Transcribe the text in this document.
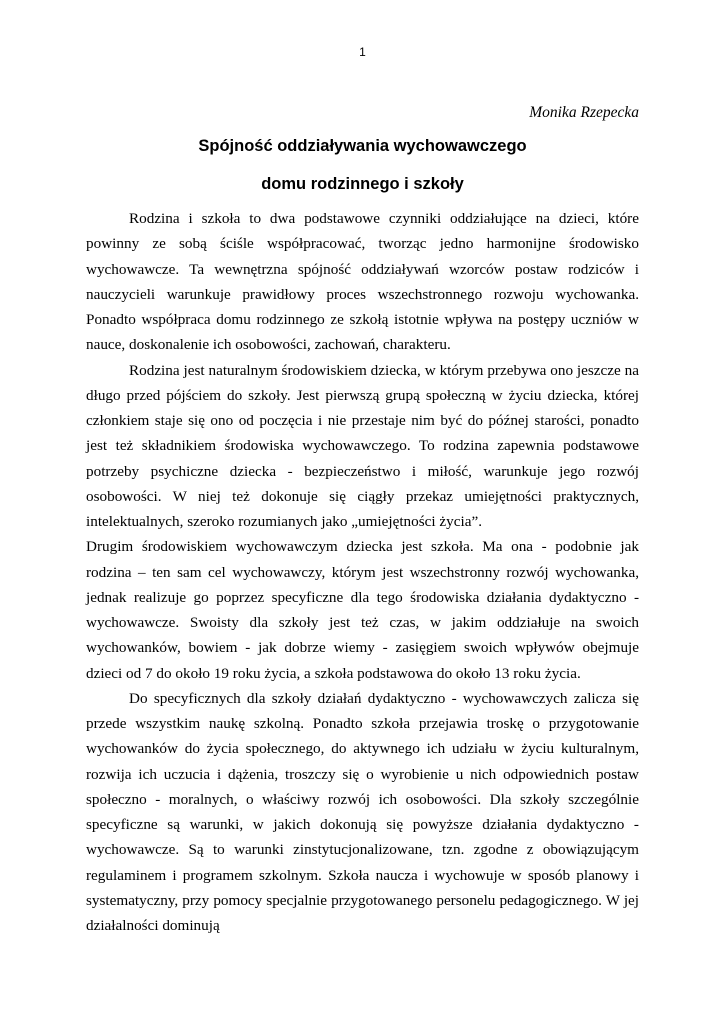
1
Monika Rzepecka
Spójność oddziaływania wychowawczego
domu rodzinnego i szkoły

Rodzina i szkoła to dwa podstawowe czynniki oddziałujące na dzieci, które powinny ze sobą ściśle współpracować, tworząc jedno harmonijne środowisko wychowawcze. Ta wewnętrzna spójność oddziaływań wzorców postaw rodziców i nauczycieli warunkuje prawidłowy proces wszechstronnego rozwoju wychowanka. Ponadto współpraca domu rodzinnego ze szkołą istotnie wpływa na postępy uczniów w nauce, doskonalenie ich osobowości, zachowań, charakteru.

Rodzina jest naturalnym środowiskiem dziecka, w którym przebywa ono jeszcze na długo przed pójściem do szkoły. Jest pierwszą grupą społeczną w życiu dziecka, której członkiem staje się ono od poczęcia i nie przestaje nim być do późnej starości, ponadto jest też składnikiem środowiska wychowawczego. To rodzina zapewnia podstawowe potrzeby psychiczne dziecka - bezpieczeństwo i miłość, warunkuje jego rozwój osobowości. W niej też dokonuje się ciągły przekaz umiejętności praktycznych, intelektualnych, szeroko rozumianych jako „umiejętności życia”.

Drugim środowiskiem wychowawczym dziecka jest szkoła. Ma ona - podobnie jak rodzina – ten sam cel wychowawczy, którym jest wszechstronny rozwój wychowanka, jednak realizuje go poprzez specyficzne dla tego środowiska działania dydaktyczno - wychowawcze. Swoisty dla szkoły jest też czas, w jakim oddziałuje na swoich wychowanków, bowiem - jak dobrze wiemy - zasięgiem swoich wpływów obejmuje dzieci od 7 do około 19 roku życia, a szkoła podstawowa do około 13 roku życia.

Do specyficznych dla szkoły działań dydaktyczno - wychowawczych zalicza się przede wszystkim naukę szkolną. Ponadto szkoła przejawia troskę o przygotowanie wychowanków do życia społecznego, do aktywnego ich udziału w życiu kulturalnym, rozwija ich uczucia i dążenia, troszczy się o wyrobienie u nich odpowiednich postaw społeczno - moralnych, o właściwy rozwój ich osobowości. Dla szkoły szczególnie specyficzne są warunki, w jakich dokonują się powyższe działania dydaktyczno - wychowawcze. Są to warunki zinstytucjonalizowane, tzn. zgodne z obowiązującym regulaminem i programem szkolnym. Szkoła naucza i wychowuje w sposób planowy i systematyczny, przy pomocy specjalnie przygotowanego personelu pedagogicznego. W jej działalności dominują
